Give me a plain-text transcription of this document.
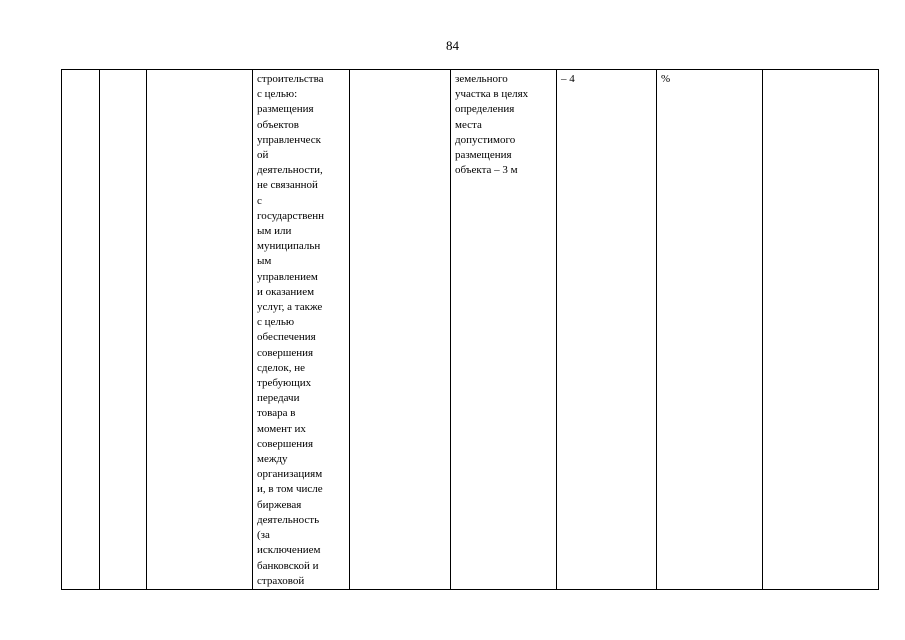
84

строительства
с целью:
размещения
объектов
управленческ
ой
деятельности,
не связанной
с
государственн
ым или
муниципальн
ым
управлением
и оказанием
услуг, а также
с целью
обеспечения
совершения
сделок, не
требующих
передачи
товара в
момент их
совершения
между
организациям
и, в том числе
биржевая
деятельность
(за
исключением
банковской и
страховой

земельного
участка в целях
определения
места
допустимого
размещения
объекта – 3 м

– 4	%
